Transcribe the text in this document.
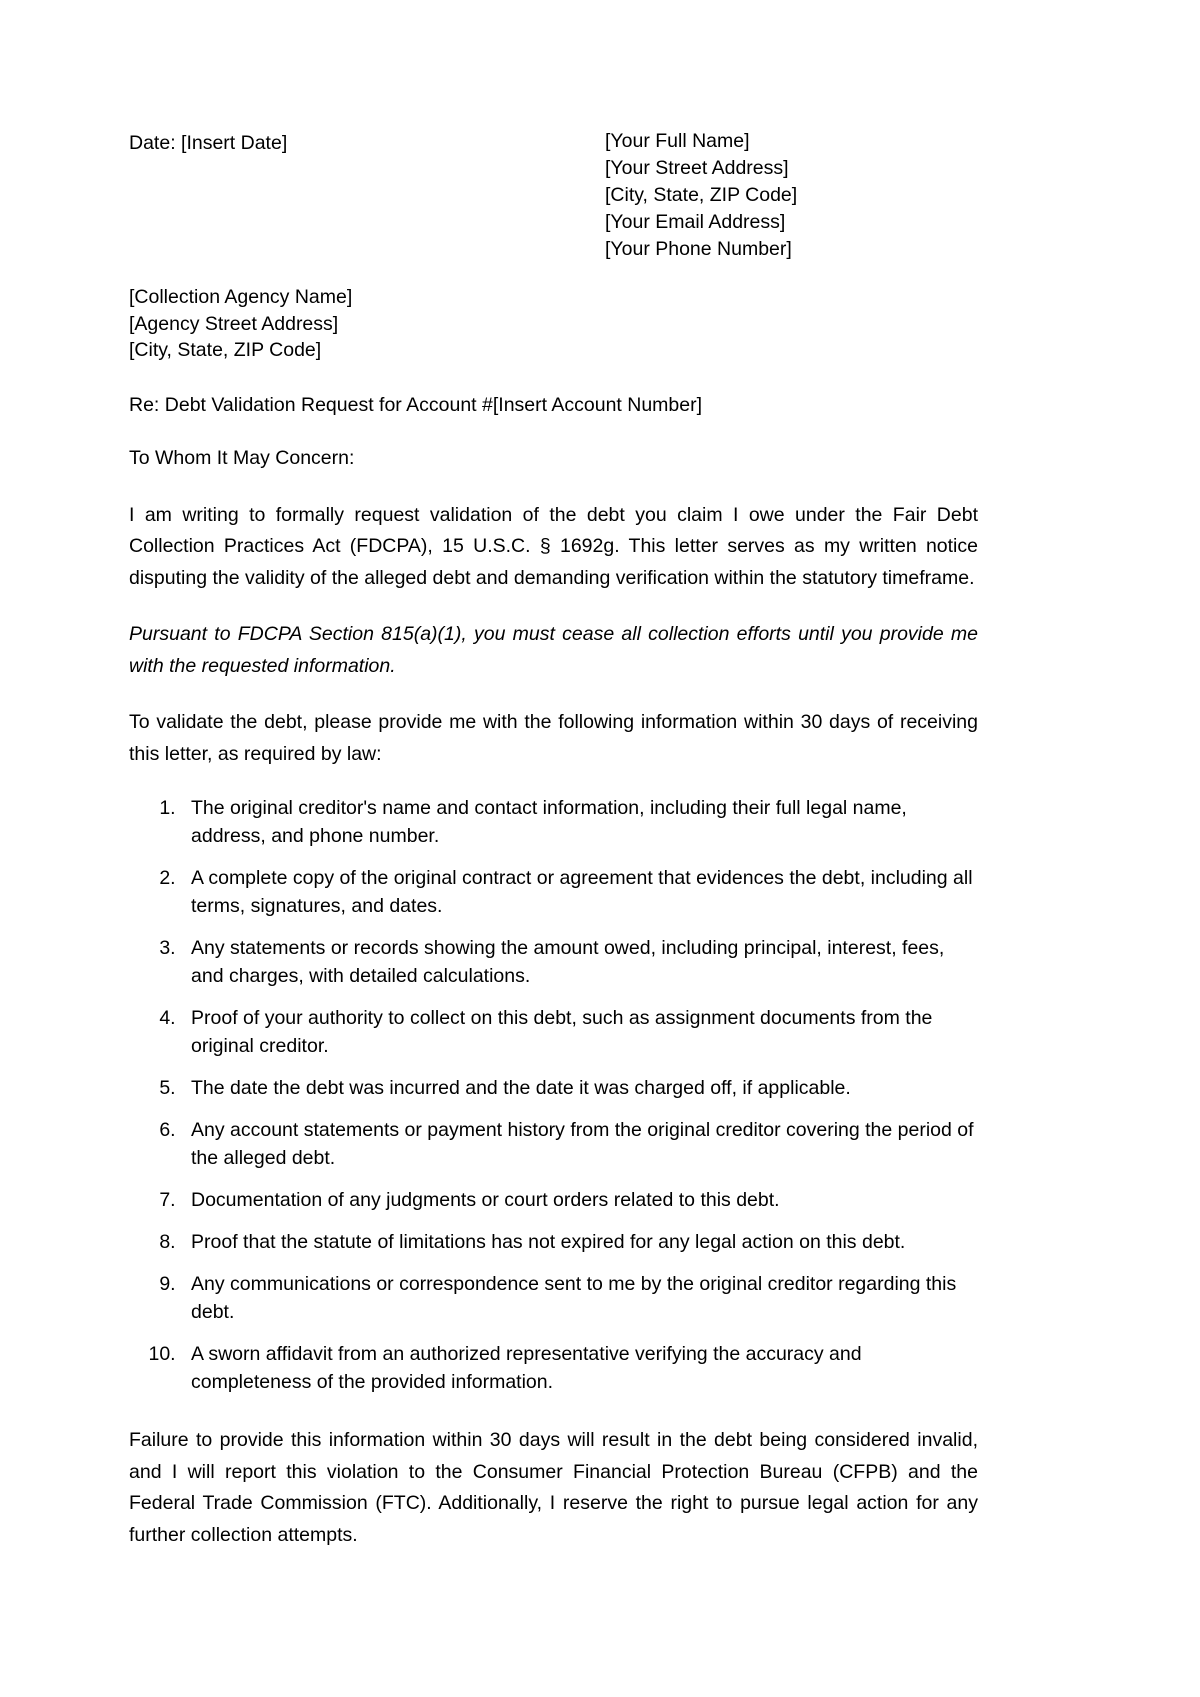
Date: [Insert Date]	[Your Full Name]
[Your Street Address]
[City, State, ZIP Code]
[Your Email Address]
[Your Phone Number]
[Collection Agency Name]
[Agency Street Address]
[City, State, ZIP Code]
Re: Debt Validation Request for Account #[Insert Account Number]
To Whom It May Concern:

I am writing to formally request validation of the debt you claim I owe under the Fair Debt Collection Practices Act (FDCPA), 15 U.S.C. § 1692g. This letter serves as my written notice disputing the validity of the alleged debt and demanding verification within the statutory timeframe.

Pursuant to FDCPA Section 815(a)(1), you must cease all collection efforts until you provide me with the requested information.

To validate the debt, please provide me with the following information within 30 days of receiving this letter, as required by law:

1. The original creditor's name and contact information, including their full legal name, address, and phone number.
2. A complete copy of the original contract or agreement that evidences the debt, including all terms, signatures, and dates.
3. Any statements or records showing the amount owed, including principal, interest, fees, and charges, with detailed calculations.
4. Proof of your authority to collect on this debt, such as assignment documents from the original creditor.
5. The date the debt was incurred and the date it was charged off, if applicable.
6. Any account statements or payment history from the original creditor covering the period of the alleged debt.
7. Documentation of any judgments or court orders related to this debt.
8. Proof that the statute of limitations has not expired for any legal action on this debt.
9. Any communications or correspondence sent to me by the original creditor regarding this debt.
10. A sworn affidavit from an authorized representative verifying the accuracy and completeness of the provided information.

Failure to provide this information within 30 days will result in the debt being considered invalid, and I will report this violation to the Consumer Financial Protection Bureau (CFPB) and the Federal Trade Commission (FTC). Additionally, I reserve the right to pursue legal action for any further collection attempts.
